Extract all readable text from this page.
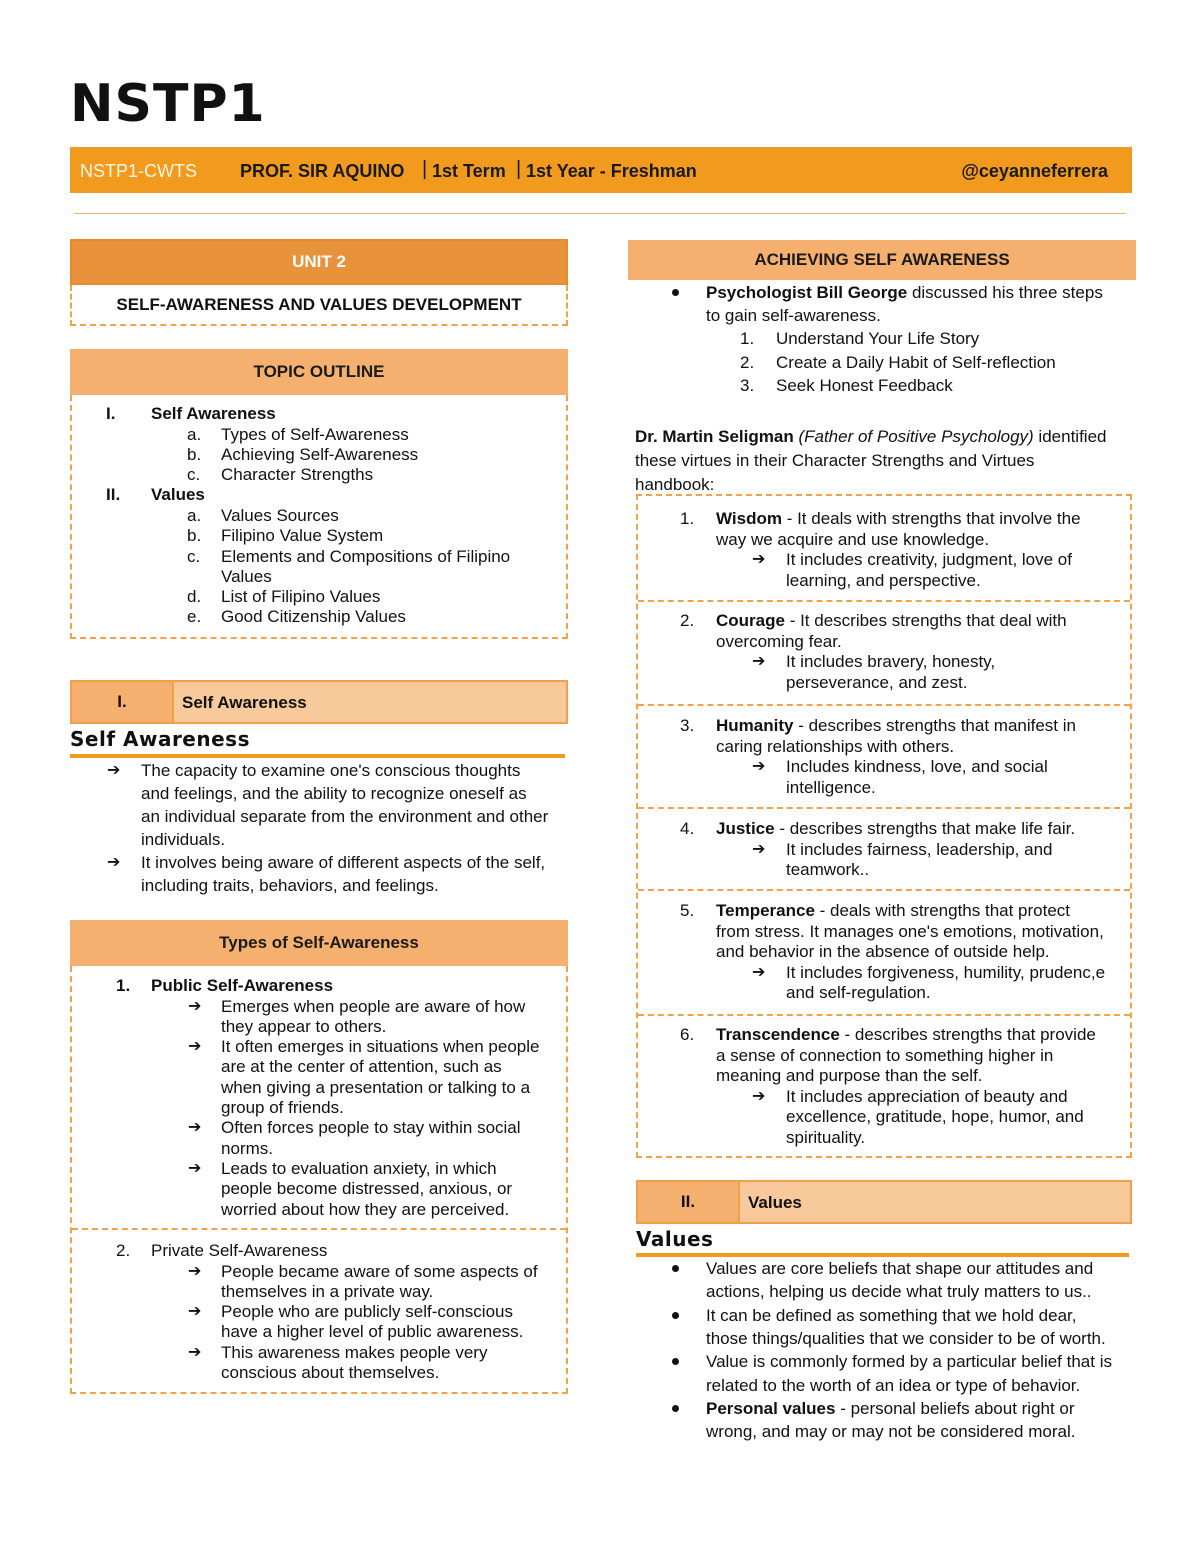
NSTP1
NSTP1-CWTS PROF. SIR AQUINO | 1st Term | 1st Year - Freshman	@ceyanneferrera
UNIT 2
SELF-AWARENESS AND VALUES DEVELOPMENT
TOPIC OUTLINE
I. Self Awareness
a. Types of Self-Awareness
b. Achieving Self-Awareness
c. Character Strengths
II. Values
a. Values Sources
b. Filipino Value System
c. Elements and Compositions of Filipino
Values
d. List of Filipino Values
e. Good Citizenship Values
I.	Self Awareness
Self Awareness
➔ The capacity to examine one's conscious thoughts
and feelings, and the ability to recognize oneself as
an individual separate from the environment and other
individuals.
➔ It involves being aware of different aspects of the self,
including traits, behaviors, and feelings.
Types of Self-Awareness
1. Public Self-Awareness
➔ Emerges when people are aware of how
they appear to others.
➔ It often emerges in situations when people
are at the center of attention, such as
when giving a presentation or talking to a
group of friends.
➔ Often forces people to stay within social
norms.
➔ Leads to evaluation anxiety, in which
people become distressed, anxious, or
worried about how they are perceived.
2. Private Self-Awareness
➔ People became aware of some aspects of
themselves in a private way.
➔ People who are publicly self-conscious
have a higher level of public awareness.
➔ This awareness makes people very
conscious about themselves.
ACHIEVING SELF AWARENESS
Psychologist Bill George discussed his three steps
to gain self-awareness.
1. Understand Your Life Story
2. Create a Daily Habit of Self-reflection
3. Seek Honest Feedback
Dr. Martin Seligman (Father of Positive Psychology) identified
these virtues in their Character Strengths and Virtues
handbook:
1. Wisdom - It deals with strengths that involve the
way we acquire and use knowledge.
➔ It includes creativity, judgment, love of
learning, and perspective.
2. Courage - It describes strengths that deal with
overcoming fear.
➔ It includes bravery, honesty,
perseverance, and zest.
3. Humanity - describes strengths that manifest in
caring relationships with others.
➔ Includes kindness, love, and social
intelligence.
4. Justice - describes strengths that make life fair.
➔ It includes fairness, leadership, and
teamwork..
5. Temperance - deals with strengths that protect
from stress. It manages one's emotions, motivation,
and behavior in the absence of outside help.
➔ It includes forgiveness, humility, prudenc,e
and self-regulation.
6. Transcendence - describes strengths that provide
a sense of connection to something higher in
meaning and purpose than the self.
➔ It includes appreciation of beauty and
excellence, gratitude, hope, humor, and
spirituality.
II.	Values
Values
Values are core beliefs that shape our attitudes and
actions, helping us decide what truly matters to us..
It can be defined as something that we hold dear,
those things/qualities that we consider to be of worth.
Value is commonly formed by a particular belief that is
related to the worth of an idea or type of behavior.
Personal values - personal beliefs about right or
wrong, and may or may not be considered moral.
